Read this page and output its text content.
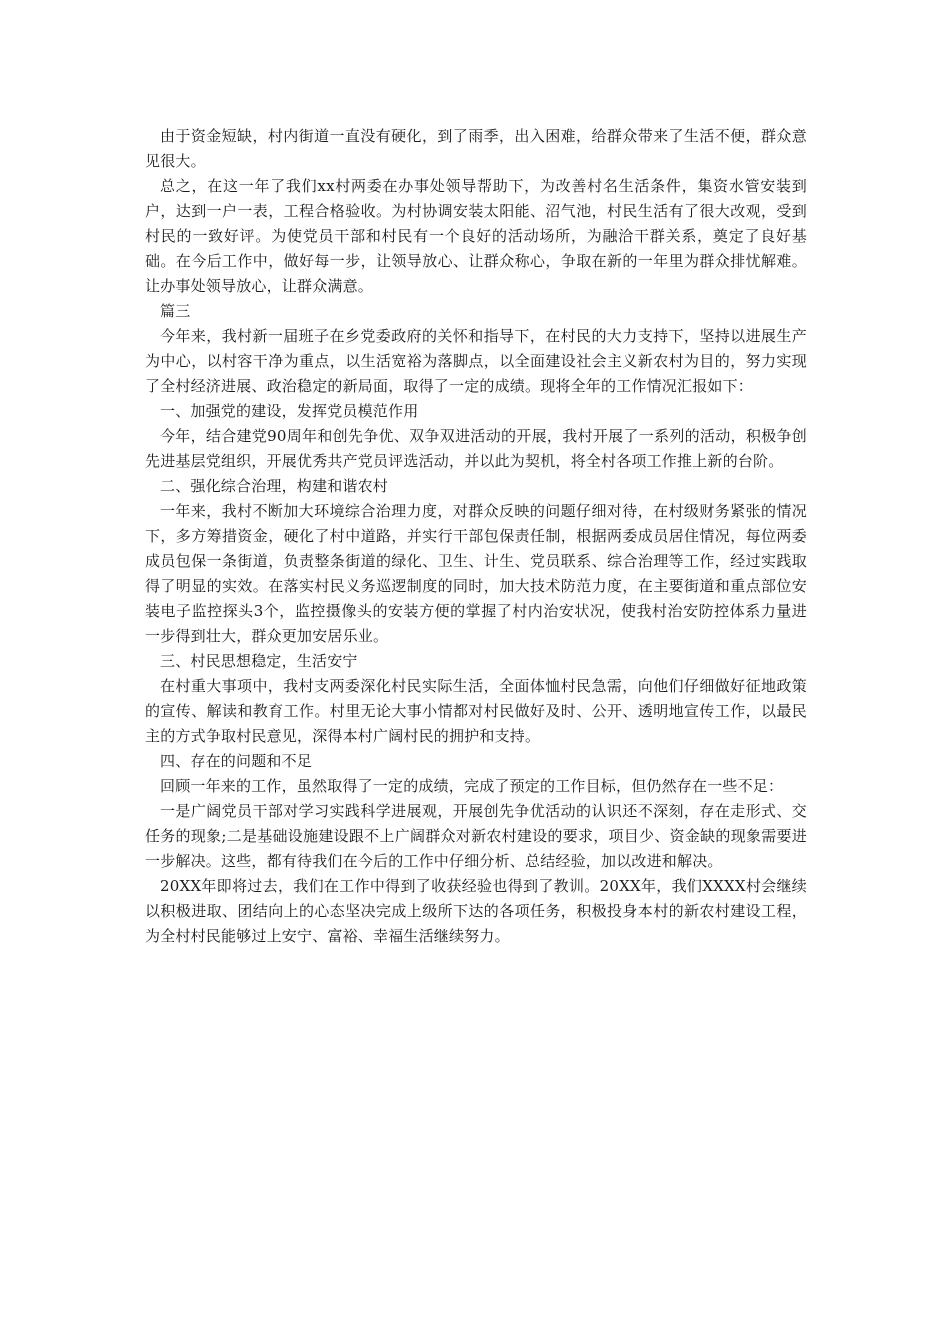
由于资金短缺，村内街道一直没有硬化，到了雨季，出入困难，给群众带来了生活不便，群众意见很大。

总之，在这一年了我们xx村两委在办事处领导帮助下，为改善村名生活条件，集资水管安装到户，达到一户一表，工程合格验收。为村协调安装太阳能、沼气池，村民生活有了很大改观，受到村民的一致好评。为使党员干部和村民有一个良好的活动场所，为融洽干群关系，奠定了良好基础。在今后工作中，做好每一步，让领导放心、让群众称心，争取在新的一年里为群众排忧解难。让办事处领导放心，让群众满意。

篇三

今年来，我村新一届班子在乡党委政府的关怀和指导下，在村民的大力支持下，坚持以进展生产为中心，以村容干净为重点，以生活宽裕为落脚点，以全面建设社会主义新农村为目的，努力实现了全村经济进展、政治稳定的新局面，取得了一定的成绩。现将全年的工作情况汇报如下：

一、加强党的建设，发挥党员模范作用

今年，结合建党90周年和创先争优、双争双进活动的开展，我村开展了一系列的活动，积极争创先进基层党组织，开展优秀共产党员评选活动，并以此为契机，将全村各项工作推上新的台阶。

二、强化综合治理，构建和谐农村

一年来，我村不断加大环境综合治理力度，对群众反映的问题仔细对待，在村级财务紧张的情况下，多方筹措资金，硬化了村中道路，并实行干部包保责任制，根据两委成员居住情况，每位两委成员包保一条街道，负责整条街道的绿化、卫生、计生、党员联系、综合治理等工作，经过实践取得了明显的实效。在落实村民义务巡逻制度的同时，加大技术防范力度，在主要街道和重点部位安装电子监控探头3个，监控摄像头的安装方便的掌握了村内治安状况，使我村治安防控体系力量进一步得到壮大，群众更加安居乐业。

三、村民思想稳定，生活安宁

在村重大事项中，我村支两委深化村民实际生活，全面体恤村民急需，向他们仔细做好征地政策的宣传、解读和教育工作。村里无论大事小情都对村民做好及时、公开、透明地宣传工作，以最民主的方式争取村民意见，深得本村广阔村民的拥护和支持。

四、存在的问题和不足

回顾一年来的工作，虽然取得了一定的成绩，完成了预定的工作目标，但仍然存在一些不足：

一是广阔党员干部对学习实践科学进展观，开展创先争优活动的认识还不深刻，存在走形式、交任务的现象;二是基础设施建设跟不上广阔群众对新农村建设的要求，项目少、资金缺的现象需要进一步解决。这些，都有待我们在今后的工作中仔细分析、总结经验，加以改进和解决。

20XX年即将过去，我们在工作中得到了收获经验也得到了教训。20XX年，我们XXXX村会继续以积极进取、团结向上的心态坚决完成上级所下达的各项任务，积极投身本村的新农村建设工程，为全村村民能够过上安宁、富裕、幸福生活继续努力。
